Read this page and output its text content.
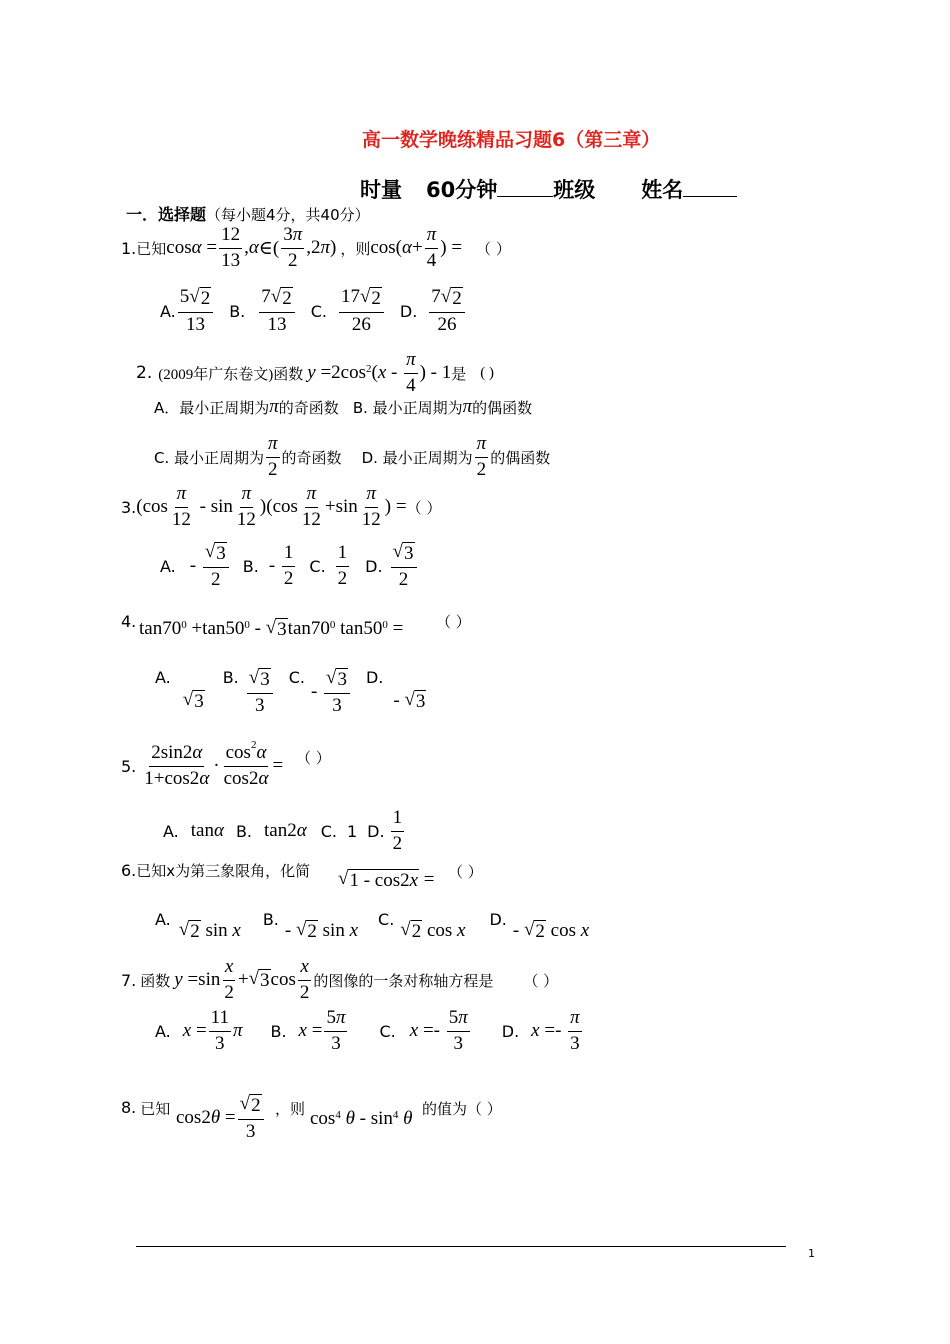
高一数学晚练精品习题6（第三章）
时量 60分钟	班级 姓名
一．选择题（每小题4分，共40分）
1. 已知 $\cos \alpha = \frac{12}{13}$ , α ∈( $\frac{3\pi}{2} ,2$ π ) ，则 cos( $\alpha + \frac{\pi}{4}$ ) = （ ）
A. $\frac{5 √ 2}{13} B$. $\frac{7 √ 2}{13} C$. $\frac{17 √ 2}{26} D$. $\frac{7 √ 2}{26}$
2. (2009年广东卷文) 函数 $y =2\cos^2$ ( x - $\frac{\pi}{4}$ ) - 1 是 ( )
A．最小正周期为 π 的奇函数 B. 最小正周期为 π 的偶函数
C. 最小正周期为 $\frac{\pi}{2}$ 的奇函数 D. 最小正周期为 $\frac{\pi}{2}$ 的偶函数
3. $(\cos \frac{\pi}{12} - \sin \frac{\pi}{12} )(\cos \frac{\pi}{12} +\sin \frac{\pi}{12}$ ) = （ ）
A. - $\frac{√ 3}{2} B$. - $\frac{1}{2} C$. $\frac{1}{2} D$. $\frac{√ 3}{2}$
4. $\tan 70^0 +\tan 50^0$ - √ 3 $\tan 70^0$ $\tan 50^0$ = （ ）
A.
√ 3
B. $\frac{√ 3}{3} C$.
- $\frac{√ 3}{3} D$.
- √ 3
5. $\frac{2\sin 2\alpha}{1+\cos 2\alpha} \cdot \frac{\cos^2\alpha}{\cos 2\alpha}$ = （ ）
A. tan α B. tan2 α C. 1 D. $\frac{1}{2}$
6. 已知x为第三象限角，化简 √ 1 - cos2x = （ ）
A. √ 2 sin x
B.
- √ 2 sin x
C. √ 2 cos x
D.
- √ 2 cos x
7. 函数 $y =\sin \frac{x}{2}$ + √ 3 $\cos \frac{x}{2}$ 的图像的一条对称轴方程是 （ ）
A. $x = \frac{11}{3}$ π B. $x = \frac{5\pi}{3} C$. $x =- \frac{5\pi}{3} D$. $x =- \frac{\pi}{3}$
8. 已知 cos2 $\theta = \frac{√ 2}{3}$ ，则 $\cos^4$
θ - $\sin^4$
θ 的值为（ ）
1
